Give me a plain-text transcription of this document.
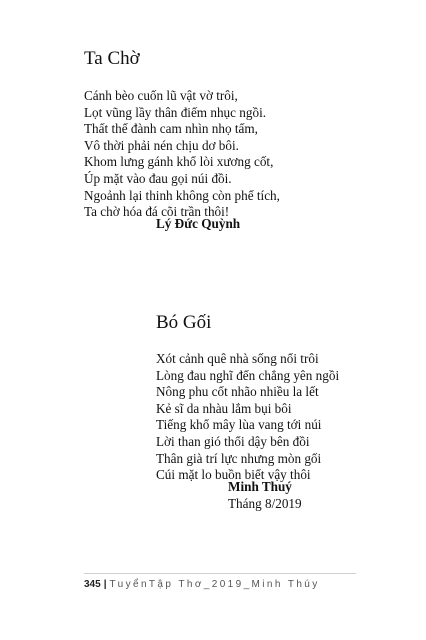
Ta Chờ
Cánh bèo cuốn lũ vật vờ trôi,
Lọt vũng lầy thân điếm nhục ngồi.
Thất thế đành cam nhìn nhọ tấm,
Vô thời phải nén chịu dơ bôi.
Khom lưng gánh khổ lòi xương cốt,
Úp mặt vào đau gọi núi đồi.
Ngoảnh lại thinh không còn phế tích,
Ta chờ hóa đá cõi trần thôi!
Lý Đức Quỳnh
Bó Gối
Xót cảnh quê nhà sống nổi trôi
Lòng đau nghĩ đến chẳng yên ngồi
Nông phu cốt nhão nhiều la lết
Kẻ sĩ da nhàu lắm bụi bôi
Tiếng khổ mây lùa vang tới núi
Lời than gió thổi dậy bên đồi
Thân già trí lực nhưng mòn gối
Cúi mặt lo buồn biết vậy thôi
Minh Thuý
Tháng 8/2019
345 | TuyểnTập Thơ_2019_Minh Thúy
